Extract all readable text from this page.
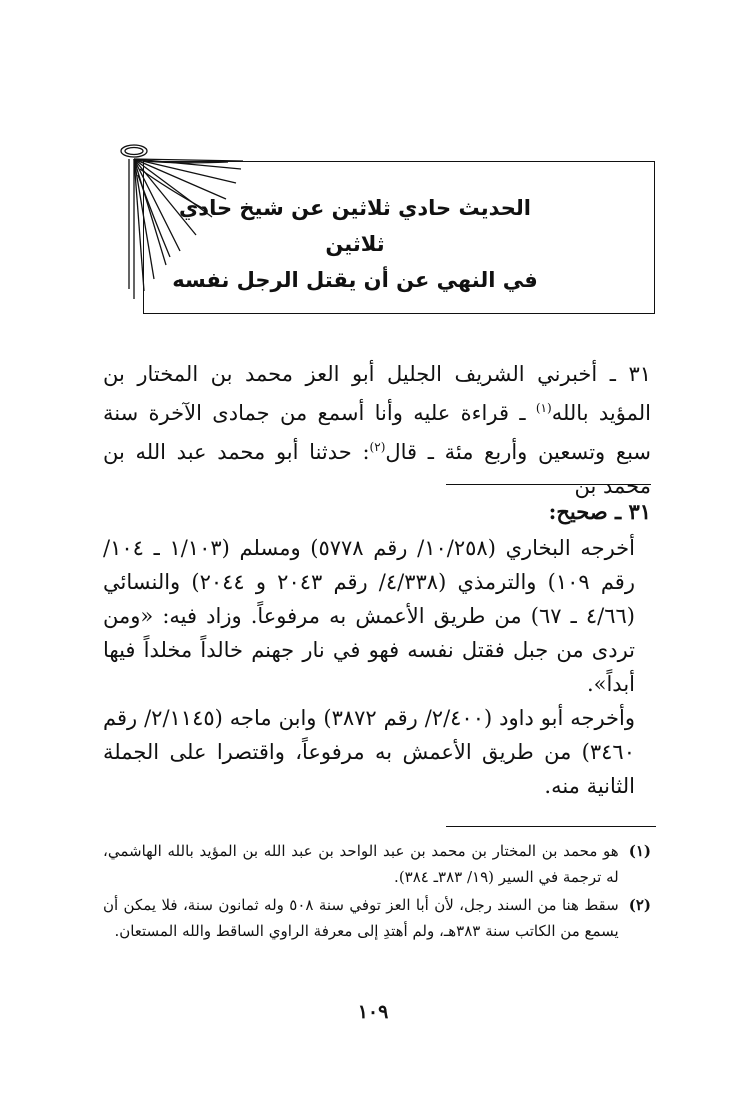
الحديث حادي ثلاثين عن شيخ حادي ثلاثين
في النهي عن أن يقتل الرجل نفسه
٣١ ـ أخبرني الشريف الجليل أبو العز محمد بن المختار بن المؤيد بالله$^{(١)}$ ـ قراءة عليه وأنا أسمع من جمادى الآخرة سنة سبع وتسعين وأربع مئة ـ قال$^{(٢)}$: حدثنا أبو محمد عبد الله بن محمد بن
٣١ ـ صحيح:

أخرجه البخاري (١٠/٢٥٨/ رقم ٥٧٧٨) ومسلم (١/١٠٣ ـ ١٠٤/ رقم ١٠٩) والترمذي (٤/٣٣٨/ رقم ٢٠٤٣ و ٢٠٤٤) والنسائي (٤/٦٦ ـ ٦٧) من طريق الأعمش به مرفوعاً. وزاد فيه: «ومن تردى من جبل فقتل نفسه فهو في نار جهنم خالداً مخلداً فيها أبداً».

وأخرجه أبو داود (٢/٤٠٠/ رقم ٣٨٧٢) وابن ماجه (٢/١١٤٥/ رقم ٣٤٦٠) من طريق الأعمش به مرفوعاً، واقتصرا على الجملة الثانية منه.

(١)
هو محمد بن المختار بن محمد بن عبد الواحد بن عبد الله بن المؤيد بالله الهاشمي، له ترجمة في السير (١٩/ ٣٨٣ـ ٣٨٤).
(٢)
سقط هنا من السند رجل، لأن أبا العز توفي سنة ٥٠٨ وله ثمانون سنة، فلا يمكن أن يسمع من الكاتب سنة ٣٨٣هـ، ولم أهتدِ إلى معرفة الراوي الساقط والله المستعان.
١٠٩
